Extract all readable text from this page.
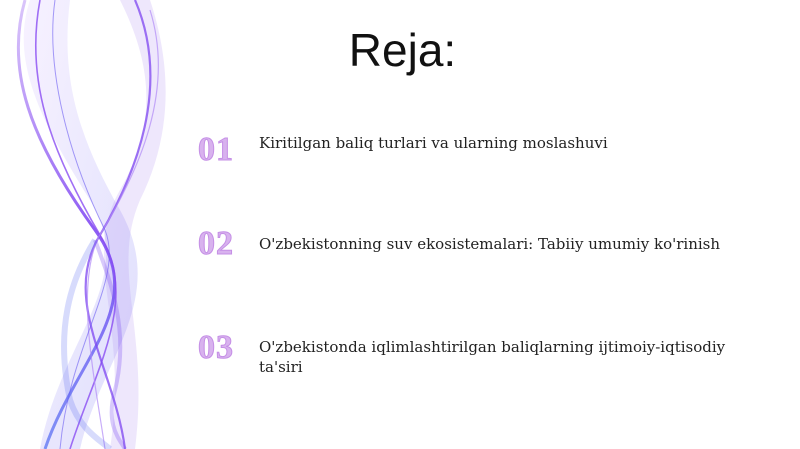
Reja:
01 Kiritilgan baliq turlari va ularning moslashuvi
02 O'zbekistonning suv ekosistemalari: Tabiiy umumiy ko'rinish
03 O'zbekistonda iqlimlashtirilgan baliqlarning ijtimoiy-iqtisodiy ta'siri
